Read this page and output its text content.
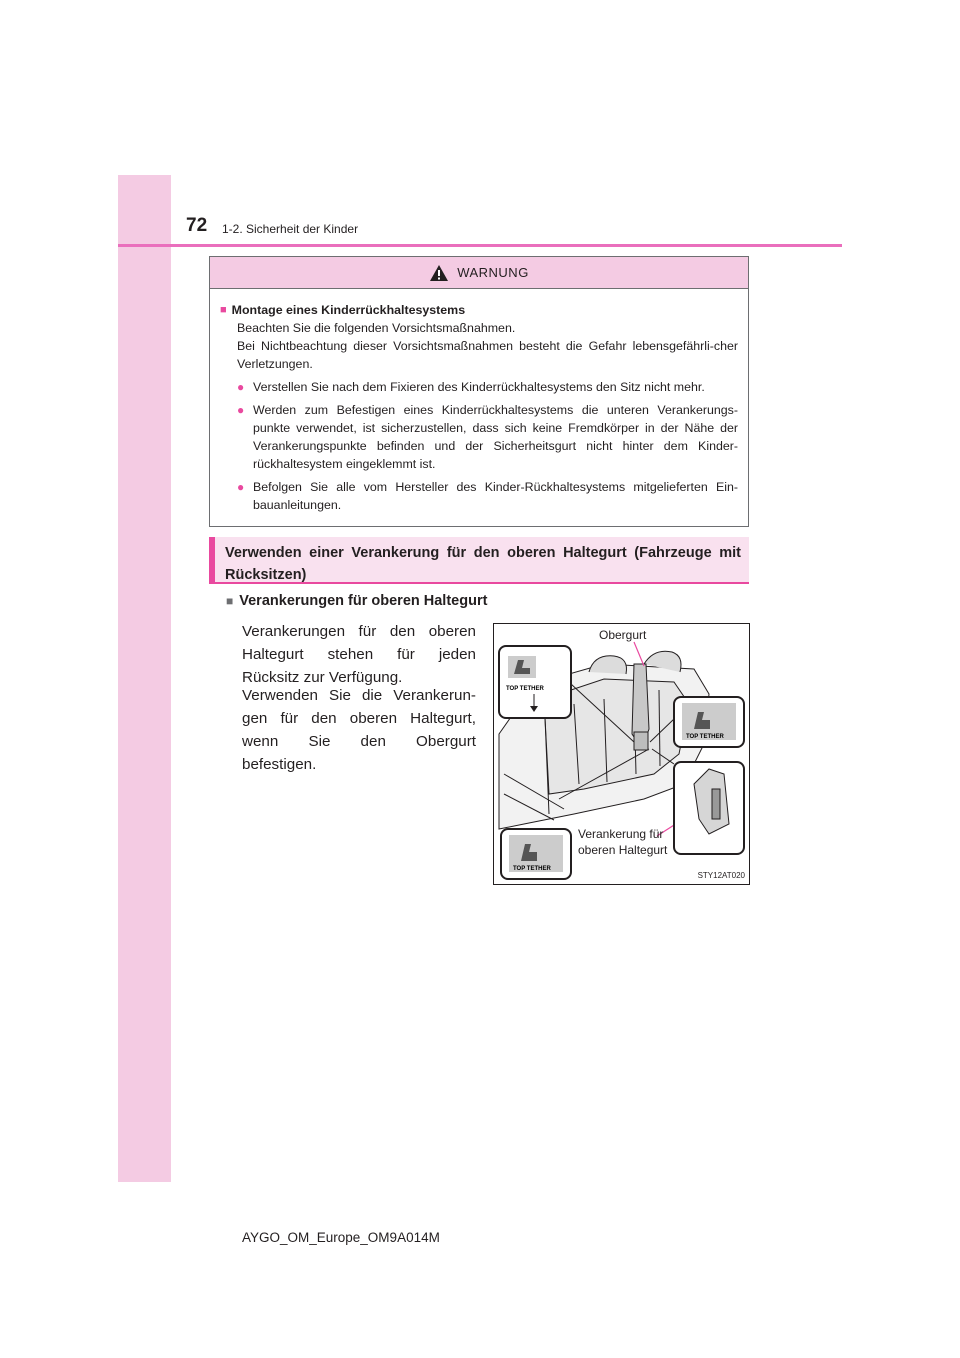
72 1-2. Sicherheit der Kinder
WARNUNG
■ Montage eines Kinderrückhaltesystems
Beachten Sie die folgenden Vorsichtsmaßnahmen.
Bei Nichtbeachtung dieser Vorsichtsmaßnahmen besteht die Gefahr lebensgefährli-cher Verletzungen.
● Verstellen Sie nach dem Fixieren des Kinderrückhaltesystems den Sitz nicht mehr.
● Werden zum Befestigen eines Kinderrückhaltesystems die unteren Verankerungs-punkte verwendet, ist sicherzustellen, dass sich keine Fremdkörper in der Nähe der Verankerungspunkte befinden und der Sicherheitsgurt nicht hinter dem Kinder-rückhaltesystem eingeklemmt ist.
● Befolgen Sie alle vom Hersteller des Kinder-Rückhaltesystems mitgelieferten Ein-bauanleitungen.
Verwenden einer Verankerung für den oberen Haltegurt (Fahrzeuge mit Rücksitzen)
■ Verankerungen für oberen Haltegurt
Verankerungen für den oberen Haltegurt stehen für jeden Rücksitz zur Verfügung.
Verwenden Sie die Verankerun-gen für den oberen Haltegurt, wenn Sie den Obergurt befestigen.
TOP TETHER
TOP TETHER
TOP TETHER
Obergurt
Verankerung für oberen Haltegurt
STY12AT020
AYGO_OM_Europe_OM9A014M
